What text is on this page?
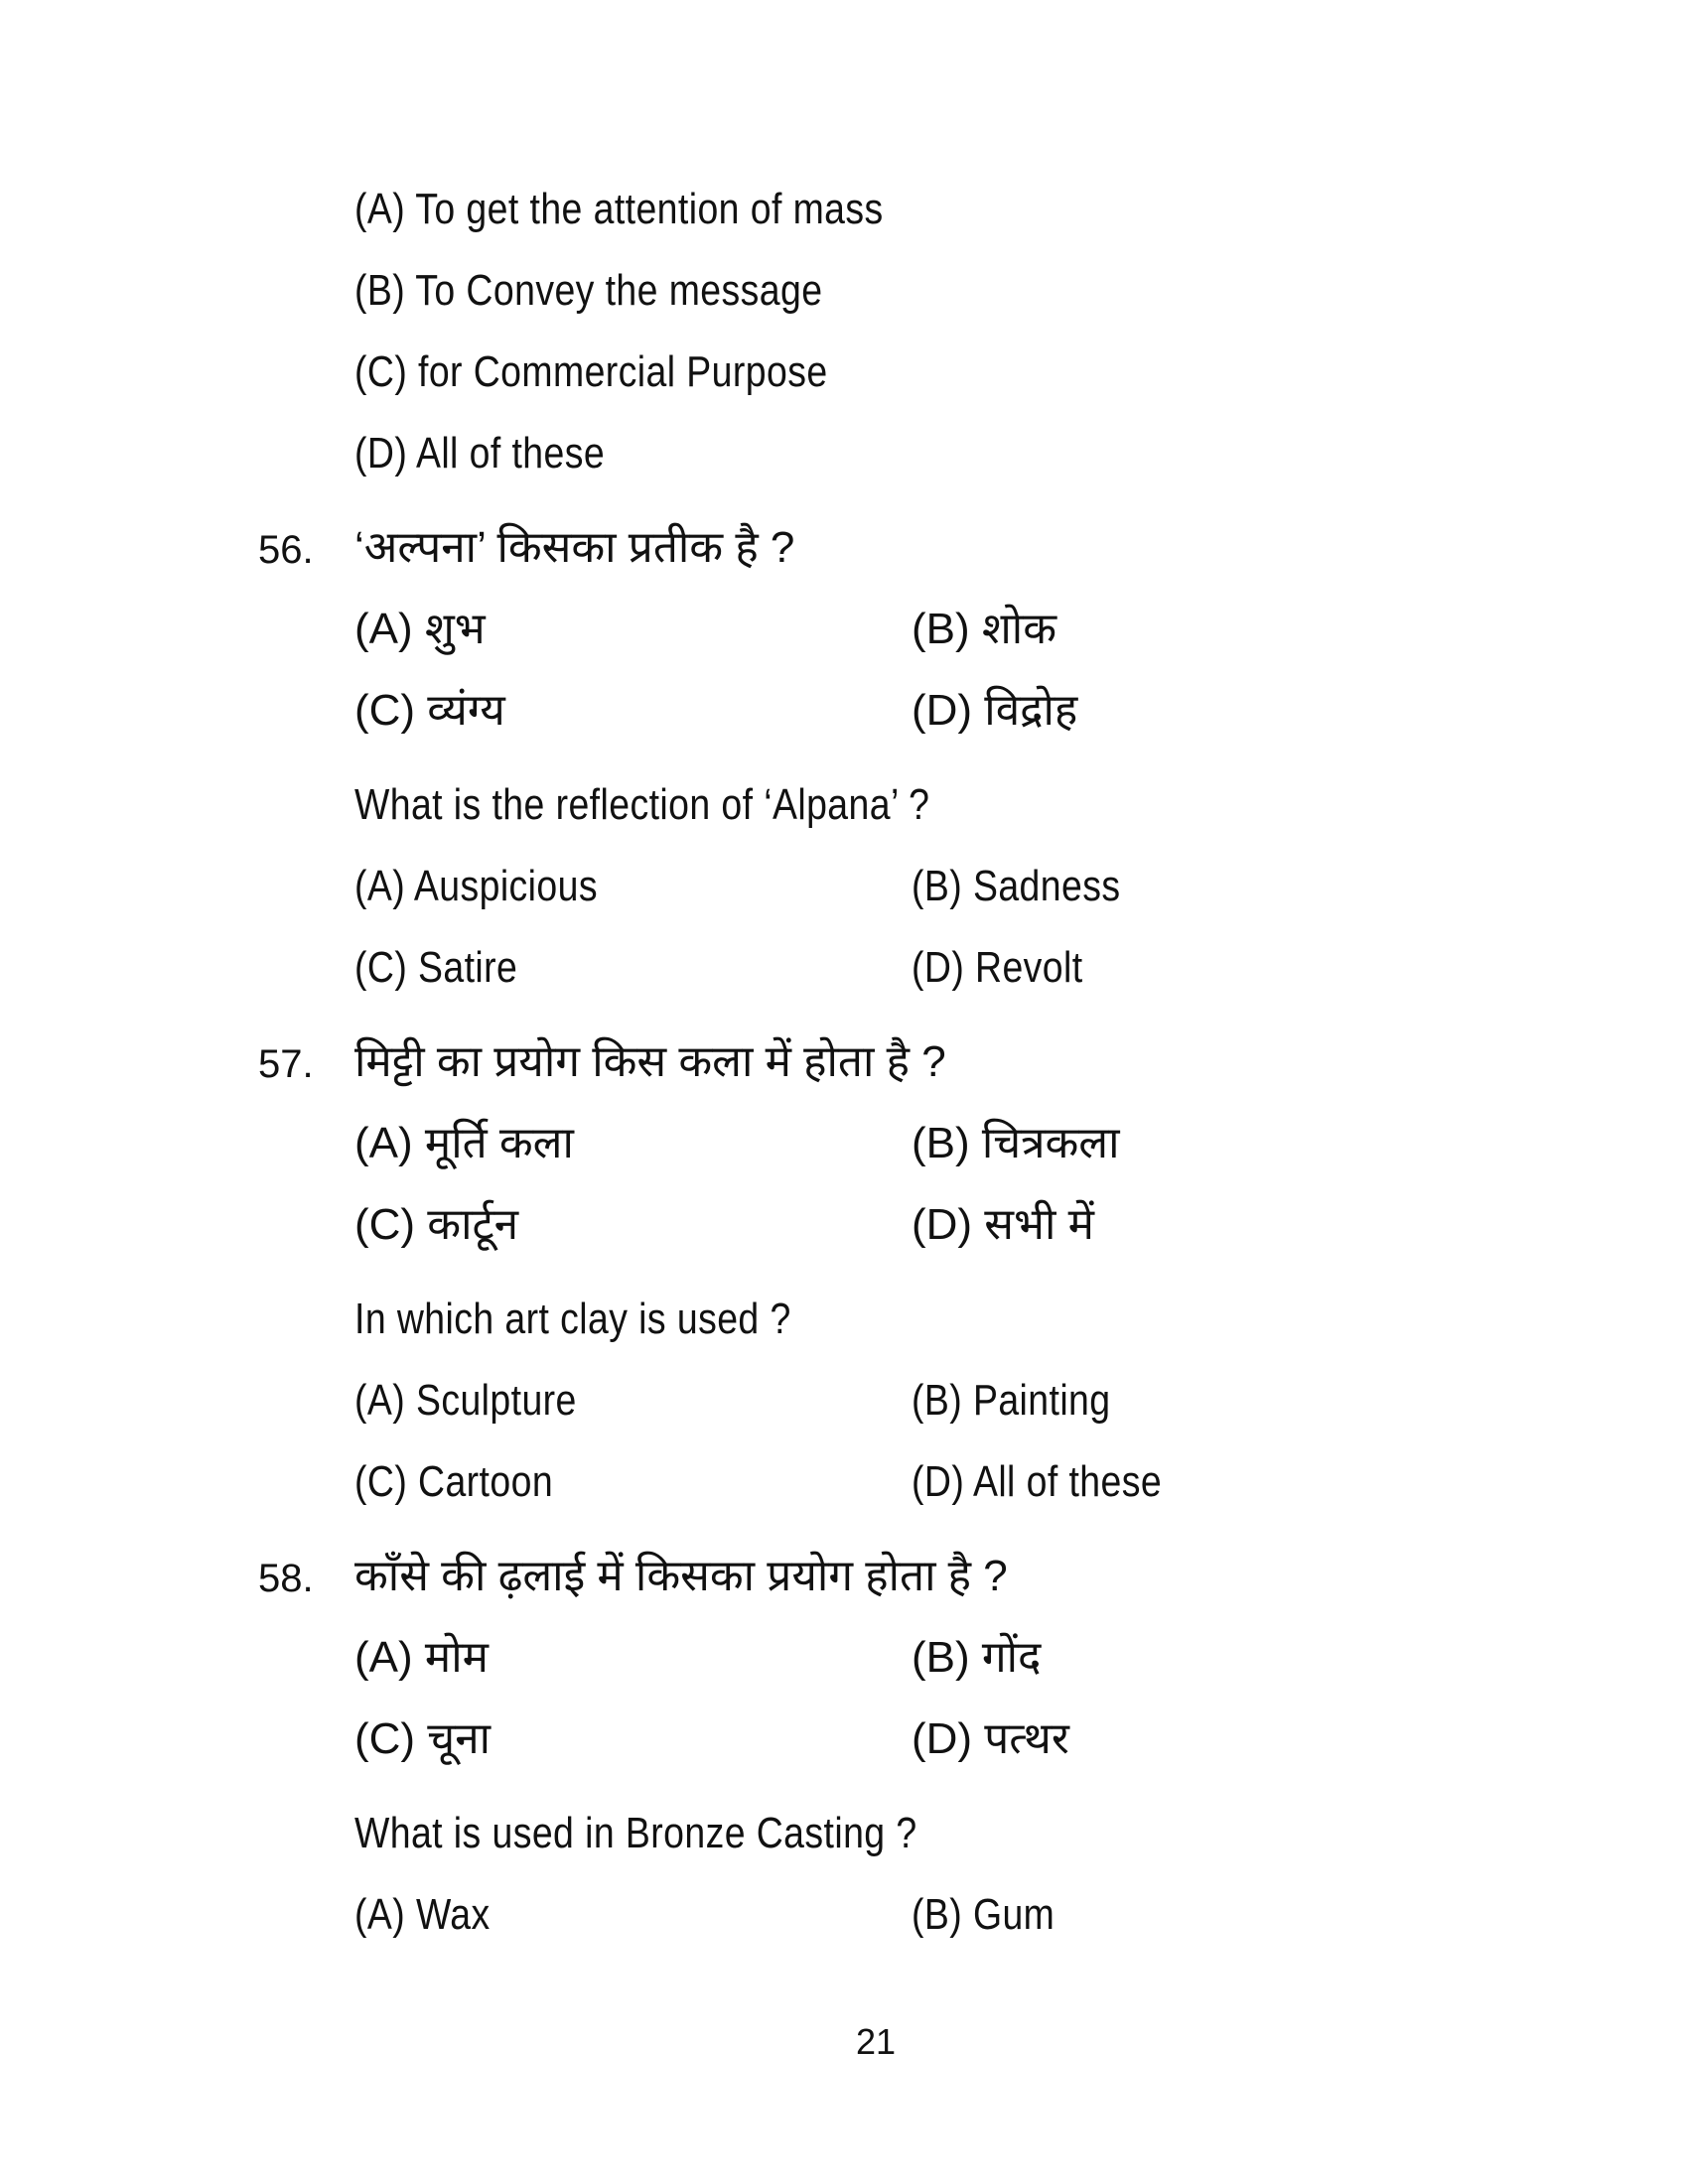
(A) To get the attention of mass
(B) To Convey the message
(C) for Commercial Purpose
(D) All of these
56. ‘अल्पना’ किसका प्रतीक है ?
(A) शुभ	(B) शोक
(C) व्यंग्य	(D) विद्रोह
What is the reflection of ‘Alpana’ ?
(A) Auspicious	(B) Sadness
(C) Satire	(D) Revolt
57. मिट्टी का प्रयोग किस कला में होता है ?
(A) मूर्ति कला	(B) चित्रकला
(C) कार्टून	(D) सभी में
In which art clay is used ?
(A) Sculpture	(B) Painting
(C) Cartoon	(D) All of these
58. काँसे की ढ़लाई में किसका प्रयोग होता है ?
(A) मोम	(B) गोंद
(C) चूना	(D) पत्थर
What is used in Bronze Casting ?
(A) Wax	(B) Gum
21
